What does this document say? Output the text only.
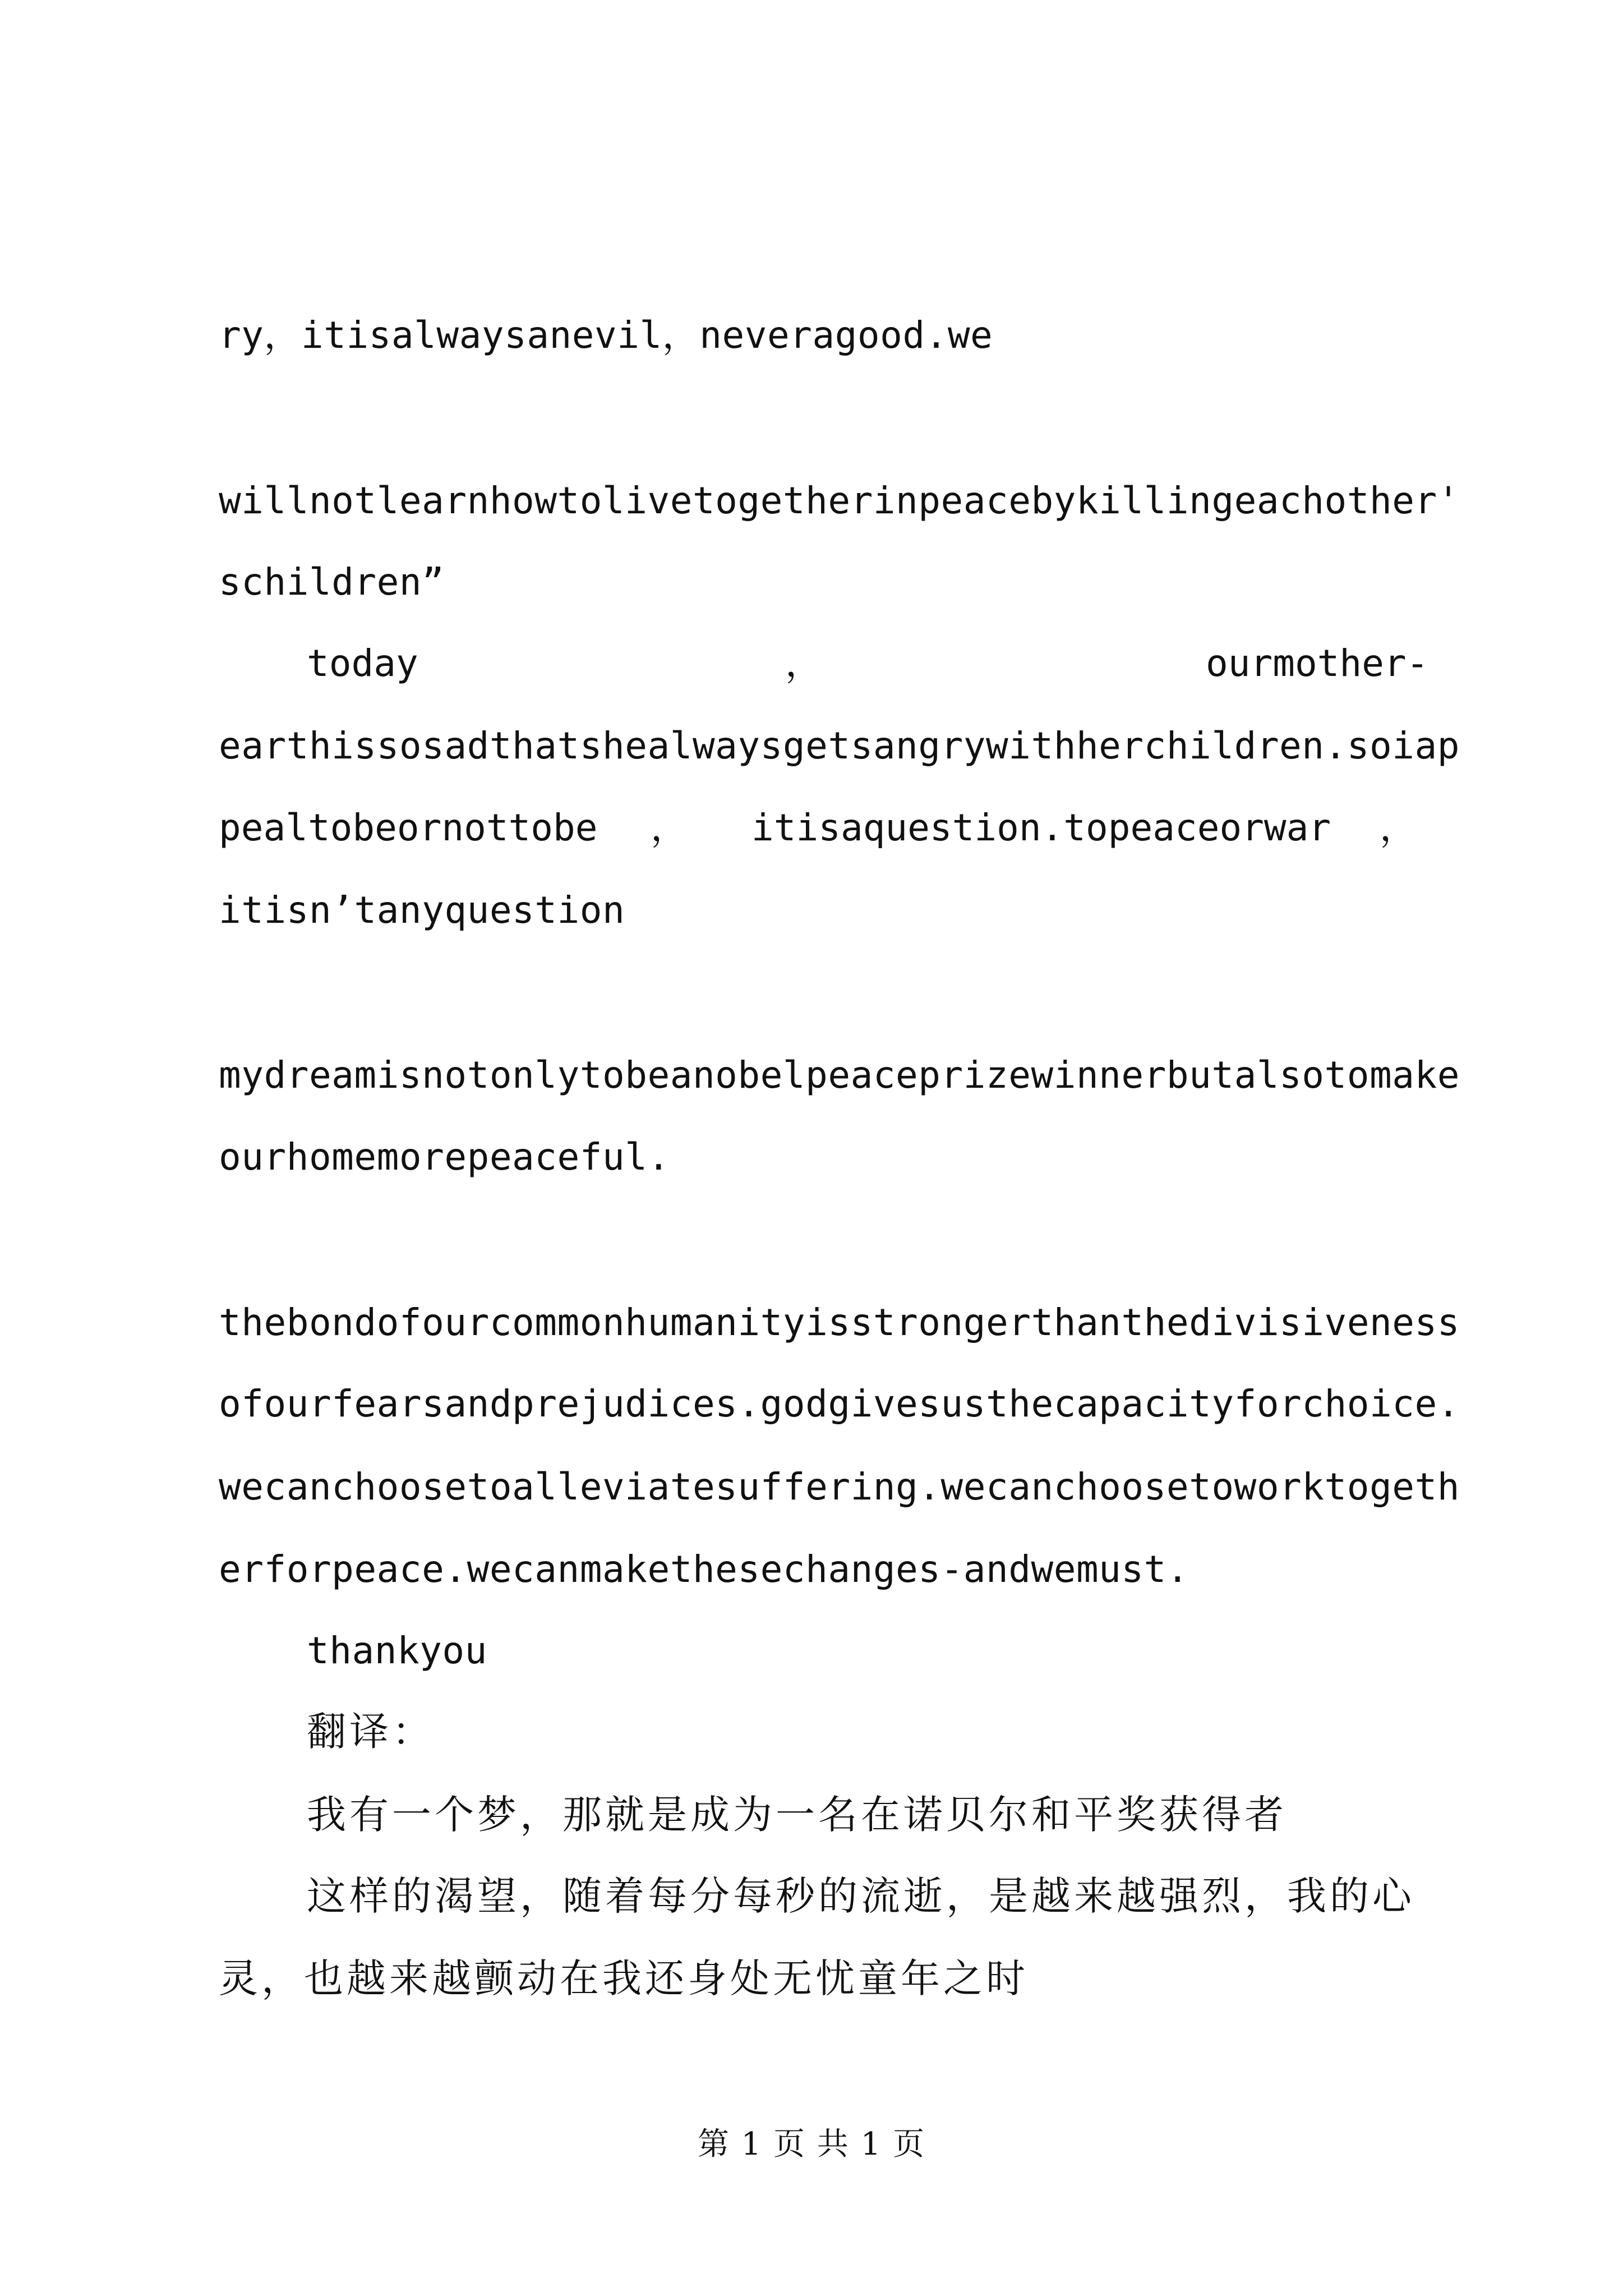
ry，itisalwaysanevil，neveragood.we
willnotlearnhowtolivetogetherinpeacebykillingeachother'
schildren”
today	，	ourmother-
earthissosadthatshealwaysgetsangrywithherchildren.soiap
pealtobeornottobe ， itisaquestion.topeaceorwar ，
itisn’tanyquestion
mydreamisnotonlytobeanobelpeaceprizewinnerbutalsotomake
ourhomemorepeaceful.
thebondofourcommonhumanityisstrongerthanthedivisiveness
ofourfearsandprejudices.godgivesusthecapacityforchoice.
wecanchoosetoalleviatesuffering.wecanchoosetoworktogeth
erforpeace.wecanmakethesechanges-andwemust.
thankyou
翻译：
我有一个梦，那就是成为一名在诺贝尔和平奖获得者
这样的渴望，随着每分每秒的流逝，是越来越强烈，我的心
灵，也越来越颤动在我还身处无忧童年之时
第 1 页 共 1 页
